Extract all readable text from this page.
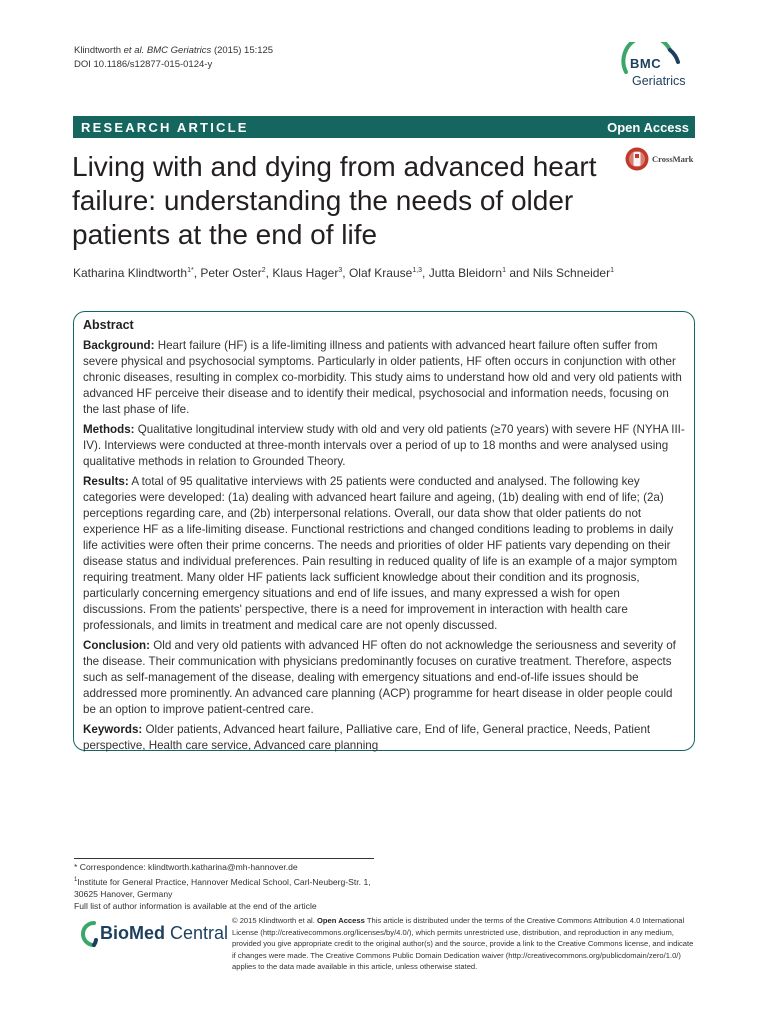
Klindtworth et al. BMC Geriatrics (2015) 15:125
DOI 10.1186/s12877-015-0124-y	BMC
Geriatrics
RESEARCH ARTICLE	Open Access
Living with and dying from advanced heart failure: understanding the needs of older patients at the end of life
CrossMark
Katharina Klindtworth$^{1*}$, Peter Oster$^2$, Klaus Hager$^3$, Olaf Krause$^{1,3}$, Jutta Bleidorn$^1$ and Nils Schneider$^1$
Abstract

Background: Heart failure (HF) is a life-limiting illness and patients with advanced heart failure often suffer from severe physical and psychosocial symptoms. Particularly in older patients, HF often occurs in conjunction with other chronic diseases, resulting in complex co-morbidity. This study aims to understand how old and very old patients with advanced HF perceive their disease and to identify their medical, psychosocial and information needs, focusing on the last phase of life.

Methods: Qualitative longitudinal interview study with old and very old patients (≥70 years) with severe HF (NYHA III-IV). Interviews were conducted at three-month intervals over a period of up to 18 months and were analysed using qualitative methods in relation to Grounded Theory.

Results: A total of 95 qualitative interviews with 25 patients were conducted and analysed. The following key categories were developed: (1a) dealing with advanced heart failure and ageing, (1b) dealing with end of life; (2a) perceptions regarding care, and (2b) interpersonal relations. Overall, our data show that older patients do not experience HF as a life-limiting disease. Functional restrictions and changed conditions leading to problems in daily life activities were often their prime concerns. The needs and priorities of older HF patients vary depending on their disease status and individual preferences. Pain resulting in reduced quality of life is an example of a major symptom requiring treatment. Many older HF patients lack sufficient knowledge about their condition and its prognosis, particularly concerning emergency situations and end of life issues, and many expressed a wish for open discussions. From the patients' perspective, there is a need for improvement in interaction with health care professionals, and limits in treatment and medical care are not openly discussed.

Conclusion: Old and very old patients with advanced HF often do not acknowledge the seriousness and severity of the disease. Their communication with physicians predominantly focuses on curative treatment. Therefore, aspects such as self-management of the disease, dealing with emergency situations and end-of-life issues should be addressed more prominently. An advanced care planning (ACP) programme for heart disease in older people could be an option to improve patient-centred care.

Keywords: Older patients, Advanced heart failure, Palliative care, End of life, General practice, Needs, Patient perspective, Health care service, Advanced care planning

* Correspondence: klindtworth.katharina@mh-hannover.de
$^1$Institute for General Practice, Hannover Medical School, Carl-Neuberg-Str. 1, 30625 Hanover, Germany
Full list of author information is available at the end of the article
BioMed Central
© 2015 Klindtworth et al. Open Access This article is distributed under the terms of the Creative Commons Attribution 4.0 International License (http://creativecommons.org/licenses/by/4.0/), which permits unrestricted use, distribution, and reproduction in any medium, provided you give appropriate credit to the original author(s) and the source, provide a link to the Creative Commons license, and indicate if changes were made. The Creative Commons Public Domain Dedication waiver (http://creativecommons.org/publicdomain/zero/1.0/) applies to the data made available in this article, unless otherwise stated.
